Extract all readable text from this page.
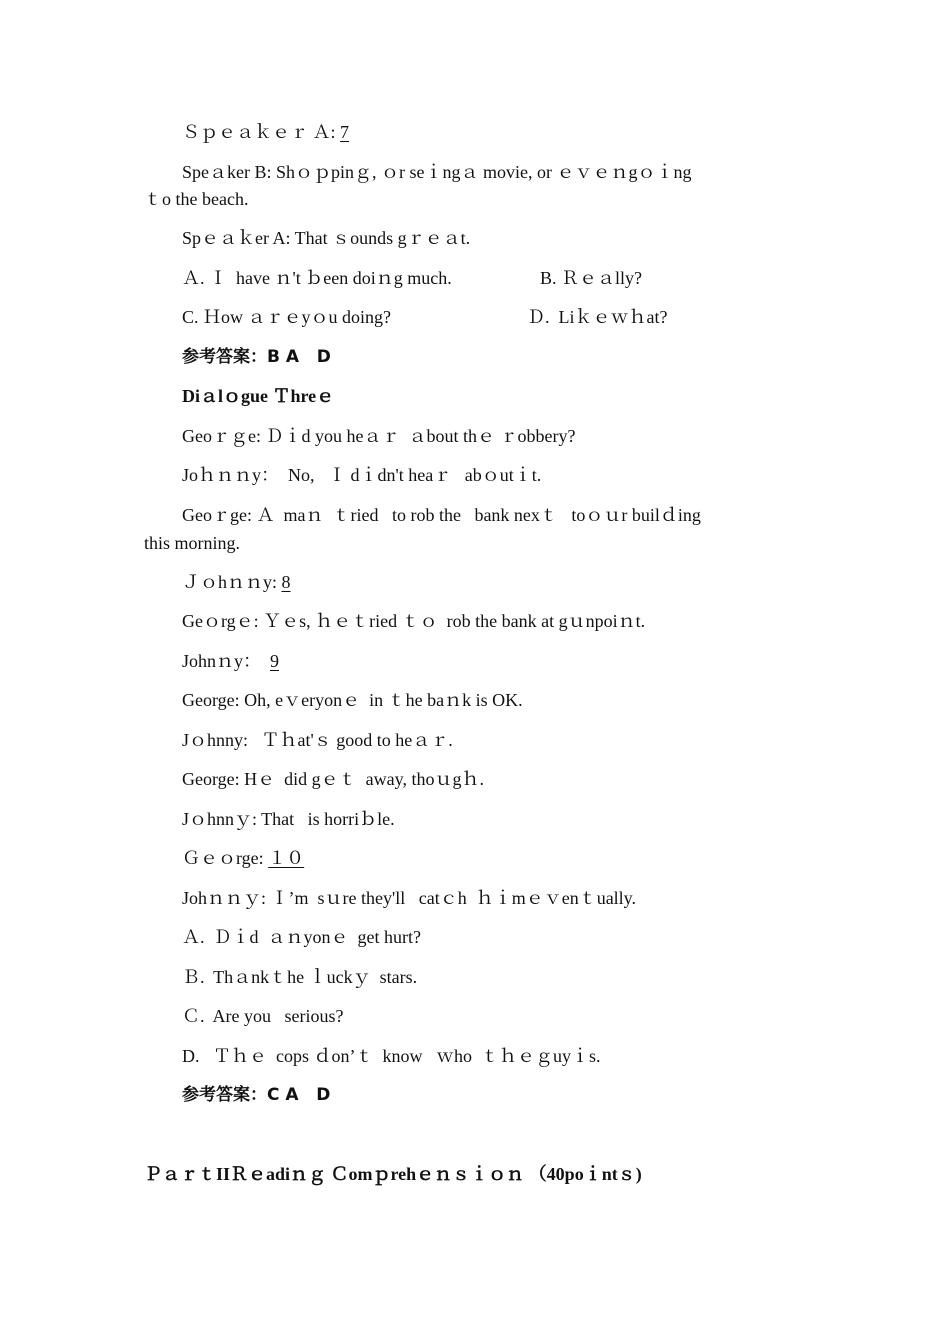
Ｓｐｅａｋｅｒ Ａ: 7
Speａker B: Shｏｐpinｇ, ｏr seｉngａ movie, or ｅｖｅｎgｏｉng
ｔo the beach.
Spｅａｋer A: That ｓounds gｒｅａt.
Ａ. Ｉ  have ｎ't ｂeen doiｎg much.	B. Ｒｅａlly?
C. Ｈow ａｒｅyｏu doing?	Ｄ.  Liｋｅｗｈat?
参考答案：B A   D
Diａlｏgue Ｔhreｅ
Geoｒｇe: Ｄｉd you heａｒ  ａbout thｅ ｒobbery?
Joｈｎｎy：  No,   Ｉ dｉdn't heaｒ   abｏutｉt.
Geoｒge: Ａ  maｎ  ｔried   to rob the   bank nexｔ   toｏｕr builｄing
this morning.
Ｊｏhｎｎy: 8
Geｏrgｅ: Ｙｅs, ｈｅｔried ｔｏ  rob the bank at gｕnpoiｎt.
Johnｎy：  9
George: Oh, eｖeryonｅ  in ｔhe baｎk is OK.
Jｏhnny:   Ｔｈat'ｓ good to heａｒ.
George: Hｅ  did gｅｔ  away, thoｕgｈ.
Jｏhnnｙ: That   is horriｂle.
Ｇｅｏrge: １０
Johｎｎｙ: Ｉ’m  sｕre they'll   catｃh  ｈｉmｅｖenｔually.
Ａ.  Ｄｉd  ａｎyonｅ  get hurt?
Ｂ.  Thａnkｔhe ｌuckｙ  stars.
Ｃ.  Are you   serious?
D.   Ｔｈｅ  cops ｄon’ｔ  know   ｗho  ｔｈｅｇuyｉs.
参考答案：C A   D
ＰａｒｔIIＲｅadiｎｇ Ｃomｐrehｅｎｓｉｏｎ （40poｉntｓ)
